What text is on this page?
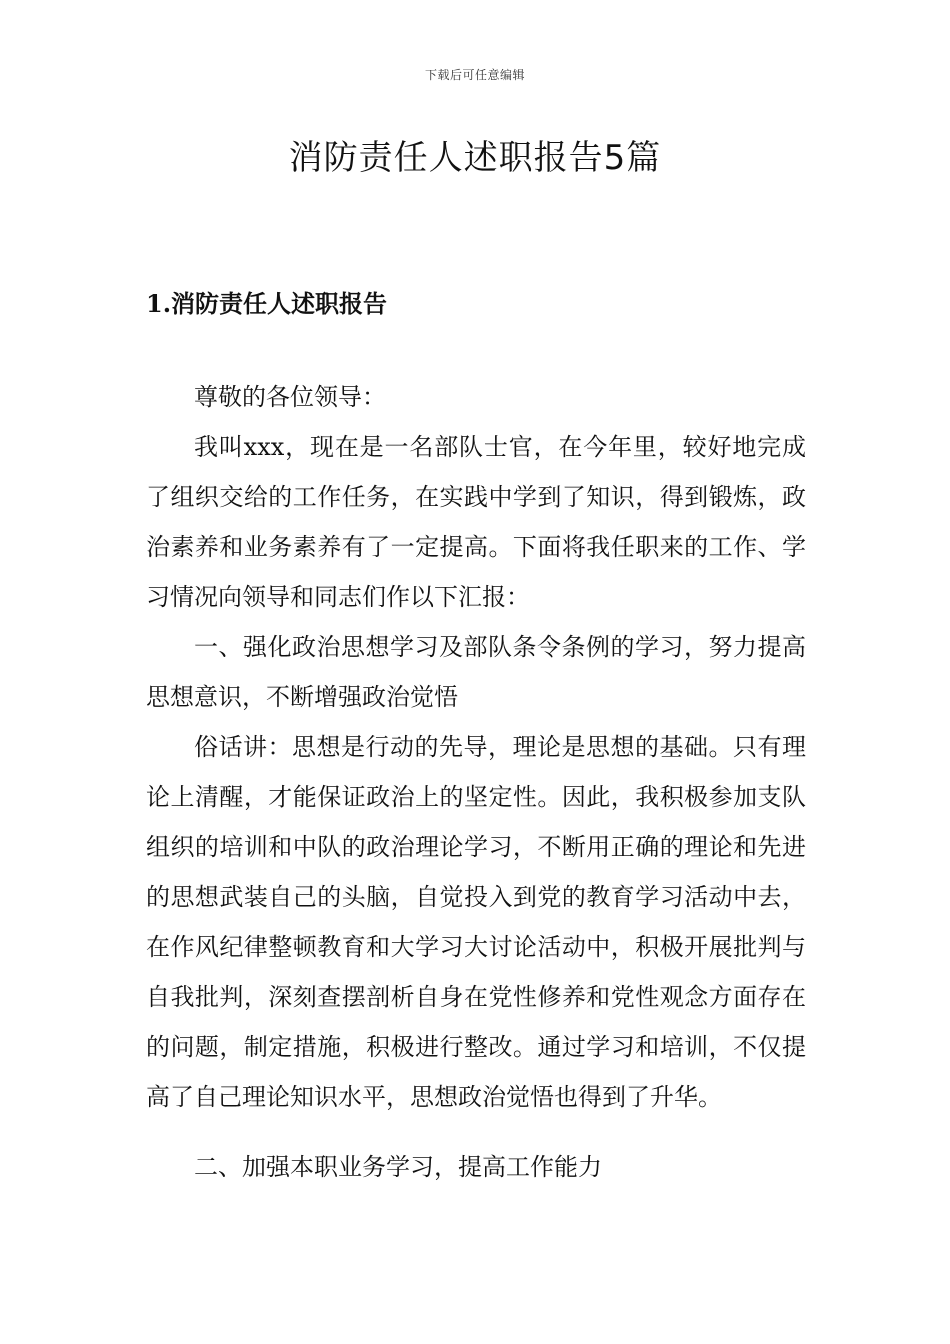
下载后可任意编辑
消防责任人述职报告5篇
1.消防责任人述职报告

尊敬的各位领导：

我叫xxx，现在是一名部队士官，在今年里，较好地完成了组织交给的工作任务，在实践中学到了知识，得到锻炼，政治素养和业务素养有了一定提高。下面将我任职来的工作、学习情况向领导和同志们作以下汇报：

一、强化政治思想学习及部队条令条例的学习，努力提高思想意识，不断增强政治觉悟

俗话讲：思想是行动的先导，理论是思想的基础。只有理论上清醒，才能保证政治上的坚定性。因此，我积极参加支队组织的培训和中队的政治理论学习，不断用正确的理论和先进的思想武装自己的头脑，自觉投入到党的教育学习活动中去，在作风纪律整顿教育和大学习大讨论活动中，积极开展批判与自我批判，深刻查摆剖析自身在党性修养和党性观念方面存在的问题，制定措施，积极进行整改。通过学习和培训，不仅提高了自己理论知识水平，思想政治觉悟也得到了升华。

二、加强本职业务学习，提高工作能力
